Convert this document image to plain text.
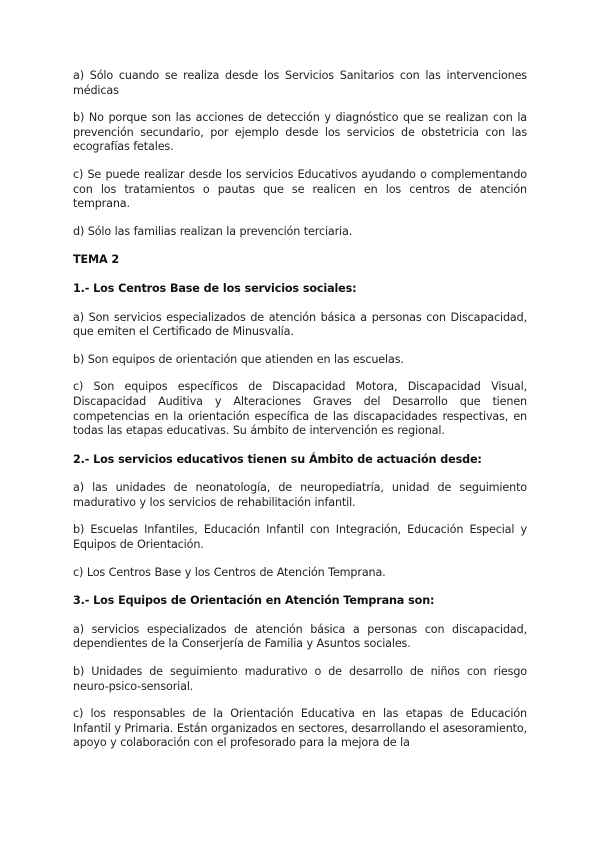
a) Sólo cuando se realiza desde los Servicios Sanitarios con las intervenciones médicas

b) No porque son las acciones de detección y diagnóstico que se realizan con la prevención secundario, por ejemplo desde los servicios de obstetricia con las ecografías fetales.

c) Se puede realizar desde los servicios Educativos ayudando o complementando con los tratamientos o pautas que se realicen en los centros de atención temprana.

d) Sólo las familias realizan la prevención terciaria.

TEMA 2

1.- Los Centros Base de los servicios sociales:

a) Son servicios especializados de atención básica a personas con Discapacidad, que emiten el Certificado de Minusvalía.

b) Son equipos de orientación que atienden en las escuelas.

c) Son equipos específicos de Discapacidad Motora, Discapacidad Visual, Discapacidad Auditiva y Alteraciones Graves del Desarrollo que tienen competencias en la orientación específica de las discapacidades respectivas, en todas las etapas educativas. Su ámbito de intervención es regional.

2.- Los servicios educativos tienen su Ámbito de actuación desde:

a) las unidades de neonatología, de neuropediatría, unidad de seguimiento madurativo y los servicios de rehabilitación infantil.

b) Escuelas Infantiles, Educación Infantil con Integración, Educación Especial y Equipos de Orientación.

c) Los Centros Base y los Centros de Atención Temprana.

3.- Los Equipos de Orientación en Atención Temprana son:

a) servicios especializados de atención básica a personas con discapacidad, dependientes de la Conserjería de Familia y Asuntos sociales.

b) Unidades de seguimiento madurativo o de desarrollo de niños con riesgo neuro-psico-sensorial.

c) los responsables de la Orientación Educativa en las etapas de Educación Infantil y Primaria. Están organizados en sectores, desarrollando el asesoramiento, apoyo y colaboración con el profesorado para la mejora de la
